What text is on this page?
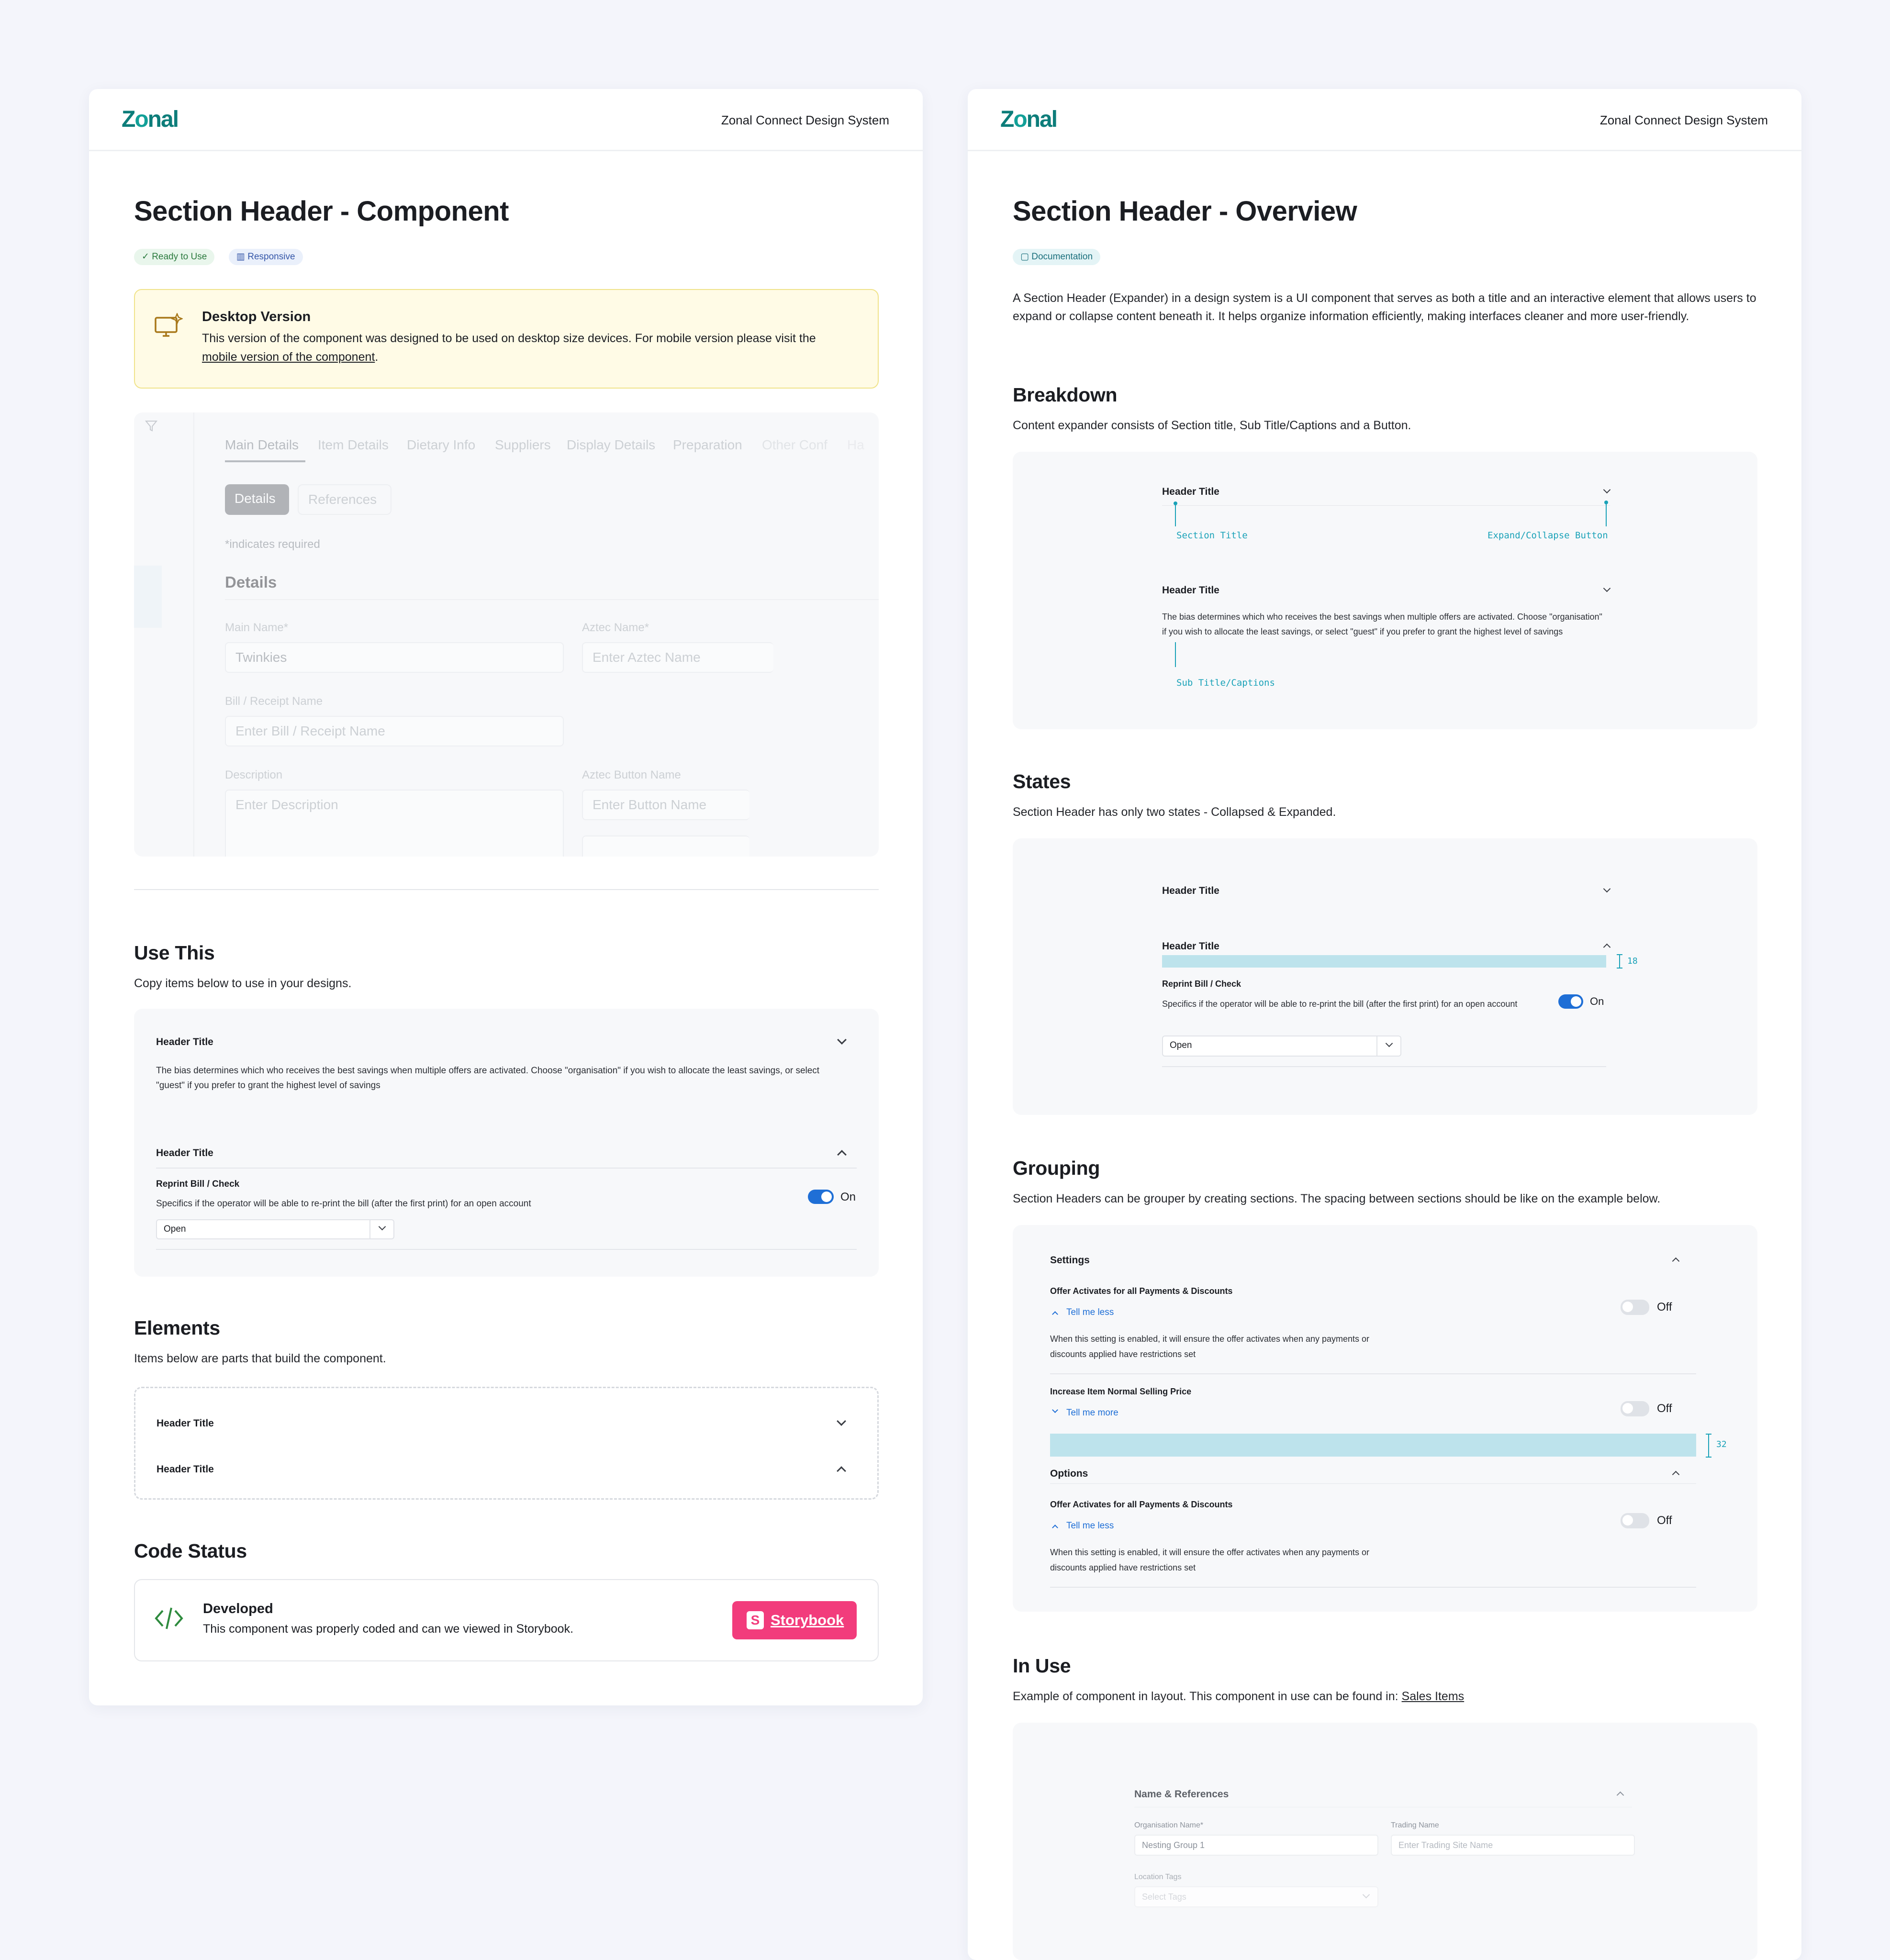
Zonal	Zonal Connect Design System
Section Header - Component
✓ Ready to Use	▥ Responsive
Desktop Version
This version of the component was designed to be used on desktop size devices. For mobile version please visit the mobile version of the component.
Main Details Item Details Dietary Info Suppliers Display Details Preparation Other Conf Ha
Details	References
*indicates required
Details
Main Name*
Twinkies
Aztec Name*
Enter Aztec Name
Bill / Receipt Name
Enter Bill / Receipt Name
Description
Enter Description
Aztec Button Name
Enter Button Name
Use This
Copy items below to use in your designs.
Header Title
The bias determines which who receives the best savings when multiple offers are activated. Choose "organisation" if you wish to allocate the least savings, or select "guest" if you prefer to grant the highest level of savings
Header Title
Reprint Bill / Check
Specifics if the operator will be able to re-print the bill (after the first print) for an open account
On
Open
Elements
Items below are parts that build the component.
Header Title
Header Title
Code Status
Developed
This component was properly coded and can we viewed in Storybook.
S Storybook
Zonal	Zonal Connect Design System
Section Header - Overview
▢ Documentation
A Section Header (Expander) in a design system is a UI component that serves as both a title and an interactive element that allows users to expand or collapse content beneath it. It helps organize information efficiently, making interfaces cleaner and more user-friendly.
Breakdown
Content expander consists of Section title, Sub Title/Captions and a Button.
Header Title
Section Title	Expand/Collapse Button
Header Title
The bias determines which who receives the best savings when multiple offers are activated. Choose "organisation" if you wish to allocate the least savings, or select "guest" if you prefer to grant the highest level of savings
Sub Title/Captions
States
Section Header has only two states - Collapsed & Expanded.
Header Title
Header Title
18
Reprint Bill / Check
Specifics if the operator will be able to re-print the bill (after the first print) for an open account	On
Open
Grouping
Section Headers can be grouper by creating sections. The spacing between sections should be like on the example below.
Settings
Offer Activates for all Payments & Discounts
Tell me less
When this setting is enabled, it will ensure the offer activates when any payments or discounts applied have restrictions set
Off
Increase Item Normal Selling Price
Tell me more	Off
32
Options
Offer Activates for all Payments & Discounts
Tell me less
When this setting is enabled, it will ensure the offer activates when any payments or discounts applied have restrictions set
Off
In Use
Example of component in layout. This component in use can be found in: Sales Items
Name & References
Organisation Name*
Nesting Group 1
Trading Name
Enter Trading Site Name
Location Tags
Select Tags
